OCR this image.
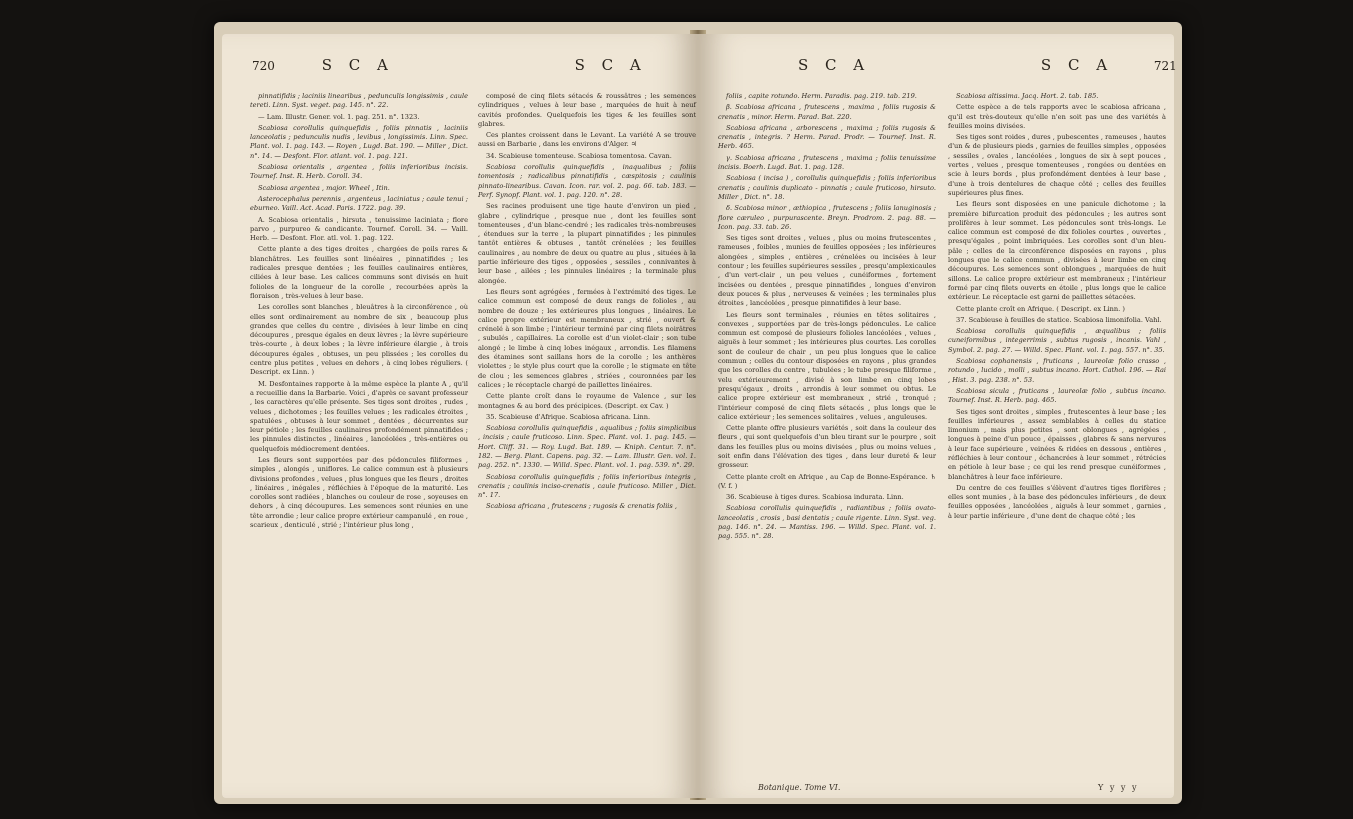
720	S C A	S C A

pinnatifidis ; laciniis linearibus , pedunculis longissimis , caule tereti. Linn. Syst. veget. pag. 145. n°. 22.

— Lam. Illustr. Gener. vol. 1. pag. 251. n°. 1323.

Scabiosa corollulis quinquefidis , foliis pinnatis , laciniis lanceolatis ; pedunculis nudis , levibus , longissimis. Linn. Spec. Plant. vol. 1. pag. 143. — Royen , Lugd. Bat. 190. — Miller , Dict. n°. 14. — Desfont. Flor. atlant. vol. 1. pag. 121.

Scabiosa orientalis , argentea , foliis inferioribus incisis. Tournef. Inst. R. Herb. Coroll. 34.

Scabiosa argentea , major. Wheel , Itin.

Asterocephalus perennis , argenteus , laciniatus ; caule tenui ; eburneo. Vaill. Act. Acad. Paris. 1722. pag. 39.

A. Scabiosa orientalis , hirsuta , tenuissime laciniata ; flore parvo , purpureo & candicante. Tournef. Coroll. 34. — Vaill. Herb. — Desfont. Flor. atl. vol. 1. pag. 122.

Cette plante a des tiges droites , chargées de poils rares & blanchâtres. Les feuilles sont linéaires , pinnatifides ; les radicales presque dentées ; les feuilles caulinaires entières, ciliées à leur base. Les calices communs sont divisés en huit folioles de la longueur de la corolle , recourbées après la floraison , très-velues à leur base.

Les corolles sont blanches , bleuâtres à la circonférence , où elles sont ordinairement au nombre de six , beaucoup plus grandes que celles du centre , divisées à leur limbe en cinq découpures , presque égales en deux lèvres ; la lèvre supérieure très-courte , à deux lobes ; la lèvre inférieure élargie , à trois découpures égales , obtuses, un peu plissées ; les corolles du centre plus petites , velues en dehors , à cinq lobes réguliers. ( Descript. ex Linn. )

M. Desfontaines rapporte à la même espèce la plante A , qu'il a recueillie dans la Barbarie. Voici , d'après ce savant professeur , les caractères qu'elle présente. Ses tiges sont droites , rudes , velues , dichotomes ; les feuilles velues ; les radicales étroites , spatulées , obtuses à leur sommet , dentées , décurrentes sur leur pétiole ; les feuilles caulinaires profondément pinnatifides ; les pinnules distinctes , linéaires , lancéolées , très-entières ou quelquefois médiocrement dentées.

Les fleurs sont supportées par des pédoncules filiformes , simples , alongés , uniflores. Le calice commun est à plusieurs divisions profondes , velues , plus longues que les fleurs , droites , linéaires , inégales , réfléchies à l'époque de la maturité. Les corolles sont radiées , blanches ou couleur de rose , soyeuses en dehors , à cinq découpures. Les semences sont réunies en une tête arrondie ; leur calice propre extérieur campanulé , en roue , scarieux , denticulé , strié ; l'intérieur plus long ,

composé de cinq filets sétacés & roussâtres ; les semences cylindriques , velues à leur base , marquées de huit à neuf cavités profondes. Quelquefois les tiges & les feuilles sont glabres.

Ces plantes croissent dans le Levant. La variété A se trouve aussi en Barbarie , dans les environs d'Alger. ♃

34. Scabieuse tomenteuse. Scabiosa tomentosa. Cavan.

Scabiosa corollulis quinquefidis , inaqualibus ; foliis tomentosis ; radicalibus pinnatifidis , cæspitosis ; caulinis pinnato-linearibus. Cavan. Icon. rar. vol. 2. pag. 66. tab. 183. — Perf. Synopf. Plant. vol. 1. pag. 120. n°. 28.

Ses racines produisent une tige haute d'environ un pied , glabre , cylindrique , presque nue , dont les feuilles sont tomenteuses , d'un blanc-cendré ; les radicales très-nombreuses , étendues sur la terre , la plupart pinnatifides ; les pinnules tantôt entières & obtuses , tantôt crénelées ; les feuilles caulinaires , au nombre de deux ou quatre au plus , situées à la partie inférieure des tiges , opposées , sessiles , connivantes à leur base , ailées ; les pinnules linéaires ; la terminale plus alongée.

Les fleurs sont agrégées , fermées à l'extrémité des tiges. Le calice commun est composé de deux rangs de folioles , au nombre de douze ; les extérieures plus longues , linéaires. Le calice propre extérieur est membraneux , strié , ouvert & crénelé à son limbe ; l'intérieur terminé par cinq filets noirâtres , subulés , capillaires. La corolle est d'un violet-clair ; son tube alongé ; le limbe à cinq lobes inégaux , arrondis. Les filamens des étamines sont saillans hors de la corolle ; les anthères violettes ; le style plus court que la corolle ; le stigmate en tête de clou ; les semences glabres , striées , couronnées par les calices ; le réceptacle chargé de paillettes linéaires.

Cette plante croît dans le royaume de Valence , sur les montagnes & au bord des précipices. (Descript. ex Cav. )

35. Scabieuse d'Afrique. Scabiosa africana. Linn.

Scabiosa corollulis quinquefidis , aqualibus ; foliis simplicibus , incisis ; caule fruticoso. Linn. Spec. Plant. vol. 1. pag. 145. — Hort. Cliff. 31. — Roy. Lugd. Bat. 189. — Kniph. Centur. 7. n°. 182. — Berg. Plant. Capens. pag. 32. — Lam. Illustr. Gen. vol. 1. pag. 252. n°. 1330. — Willd. Spec. Plant. vol. 1. pag. 539. n°. 29.

Scabiosa corollulis quinquefidis ; foliis inferioribus integris , crenatis ; caulinis inciso-crenatis , caule fruticoso. Miller , Dict. n°. 17.

Scabiosa africana , frutescens ; rugosis & crenatis foliis ,

S C A	S C A	721

foliis , capite rotundo. Herm. Paradis. pag. 219. tab. 219.

β. Scabiosa africana , frutescens , maxima , foliis rugosis & crenatis , minor. Herm. Parad. Bat. 220.

Scabiosa africana , arborescens , maxima ; foliis rugosis & crenatis , integris. ? Herm. Parad. Prodr. — Tournef. Inst. R. Herb. 465.

γ. Scabiosa africana , frutescens , maxima ; foliis tenuissime incisis. Boerh. Lugd. Bat. 1. pag. 128.

Scabiosa ( incisa ) , corollulis quinquefidis ; foliis inferioribus crenatis ; caulinis duplicato - pinnatis ; caule fruticoso, hirsuto. Miller , Dict. n°. 18.

δ. Scabiosa minor , æthiopica , frutescens ; foliis lanuginosis ; flore cæruleo , purpurascente. Breyn. Prodrom. 2. pag. 88. — Icon. pag. 33. tab. 26.

Ses tiges sont droites , velues , plus ou moins frutescentes , rameuses , foibles , munies de feuilles opposées ; les inférieures alongées , simples , entières , crénelées ou incisées à leur contour ; les feuilles supérieures sessiles , presqu'amplexicaules , d'un vert-clair , un peu velues , cunéiformes , fortement incisées ou dentées , presque pinnatifides , longues d'environ deux pouces & plus , nerveuses & veinées ; les terminales plus étroites , lancéolées , presque pinnatifides à leur base.

Les fleurs sont terminales , réunies en têtes solitaires , convexes , supportées par de très-longs pédoncules. Le calice commun est composé de plusieurs folioles lancéolées , velues , aiguës à leur sommet ; les intérieures plus courtes. Les corolles sont de couleur de chair , un peu plus longues que le calice commun ; celles du contour disposées en rayons , plus grandes que les corolles du centre , tubulées ; le tube presque filiforme , velu extérieurement , divisé à son limbe en cinq lobes presqu'égaux , droits , arrondis à leur sommet ou obtus. Le calice propre extérieur est membraneux , strié , tronqué ; l'intérieur composé de cinq filets sétacés , plus longs que le calice extérieur ; les semences solitaires , velues , anguleuses.

Cette plante offre plusieurs variétés , soit dans la couleur des fleurs , qui sont quelquefois d'un bleu tirant sur le pourpre , soit dans les feuilles plus ou moins divisées , plus ou moins velues , soit enfin dans l'élévation des tiges , dans leur dureté & leur grosseur.

Cette plante croît en Afrique , au Cap de Bonne-Espérance. ♄ (V. f. )

36. Scabieuse à tiges dures. Scabiosa indurata. Linn.

Scabiosa corollulis quinquefidis , radiantibus ; foliis ovato-lanceolatis , crosis , basi dentatis ; caule rigente. Linn. Syst. veg. pag. 146. n°. 24. — Mantiss. 196. — Willd. Spec. Plant. vol. 1. pag. 555. n°. 28.

Scabiosa altissima. Jacq. Hort. 2. tab. 185.

Cette espèce a de tels rapports avec le scabiosa africana , qu'il est très-douteux qu'elle n'en soit pas une des variétés à feuilles moins divisées.

Ses tiges sont roides , dures , pubescentes , rameuses , hautes d'un & de plusieurs pieds , garnies de feuilles simples , opposées , sessiles , ovales , lancéolées , longues de six à sept pouces , vertes , velues , presque tomenteuses , rongées ou dentées en scie à leurs bords , plus profondément dentées à leur base , d'une à trois dentelures de chaque côté ; celles des feuilles supérieures plus fines.

Les fleurs sont disposées en une panicule dichotome ; la première bifurcation produit des pédoncules ; les autres sont prolifères à leur sommet. Les pédoncules sont très-longs. Le calice commun est composé de dix folioles courtes , ouvertes , presqu'égales , point imbriquées. Les corolles sont d'un bleu-pâle ; celles de la circonférence disposées en rayons , plus longues que le calice commun , divisées à leur limbe en cinq découpures. Les semences sont oblongues , marquées de huit sillons. Le calice propre extérieur est membraneux ; l'intérieur formé par cinq filets ouverts en étoile , plus longs que le calice extérieur. Le réceptacle est garni de paillettes sétacées.

Cette plante croît en Afrique. ( Descript. ex Linn. )

37. Scabieuse à feuilles de statice. Scabiosa limonifolia. Vahl.

Scabiosa corollulis quinquefidis , æqualibus ; foliis cuneiformibus , integerrimis , subtus rugosis , incanis. Vahl , Symbol. 2. pag. 27. — Willd. Spec. Plant. vol. 1. pag. 557. n°. 35.

Scabiosa cophanensis , fruticans , laureolæ folio crasso , rotundo , lucido , molli , subtus incano. Hort. Cathol. 196. — Rai , Hist. 3. pag. 238. n°. 53.

Scabiosa sicula , fruticans , laureolæ folio , subtus incano. Tournef. Inst. R. Herb. pag. 465.

Ses tiges sont droites , simples , frutescentes à leur base ; les feuilles inférieures , assez semblables à celles du statice limonium , mais plus petites , sont oblongues , agrégées , longues à peine d'un pouce , épaisses , glabres & sans nervures à leur face supérieure , veinées & ridées en dessous , entières , réfléchies à leur contour , échancrées à leur sommet , rétrécies en pétiole à leur base ; ce qui les rend presque cunéiformes , blanchâtres à leur face inférieure.

Du centre de ces feuilles s'élèvent d'autres tiges florifères ; elles sont munies , à la base des pédoncules inférieurs , de deux feuilles opposées , lancéolées , aiguës à leur sommet , garnies , à leur partie inférieure , d'une dent de chaque côté ; les

Botanique. Tome VI.	Y y y y
